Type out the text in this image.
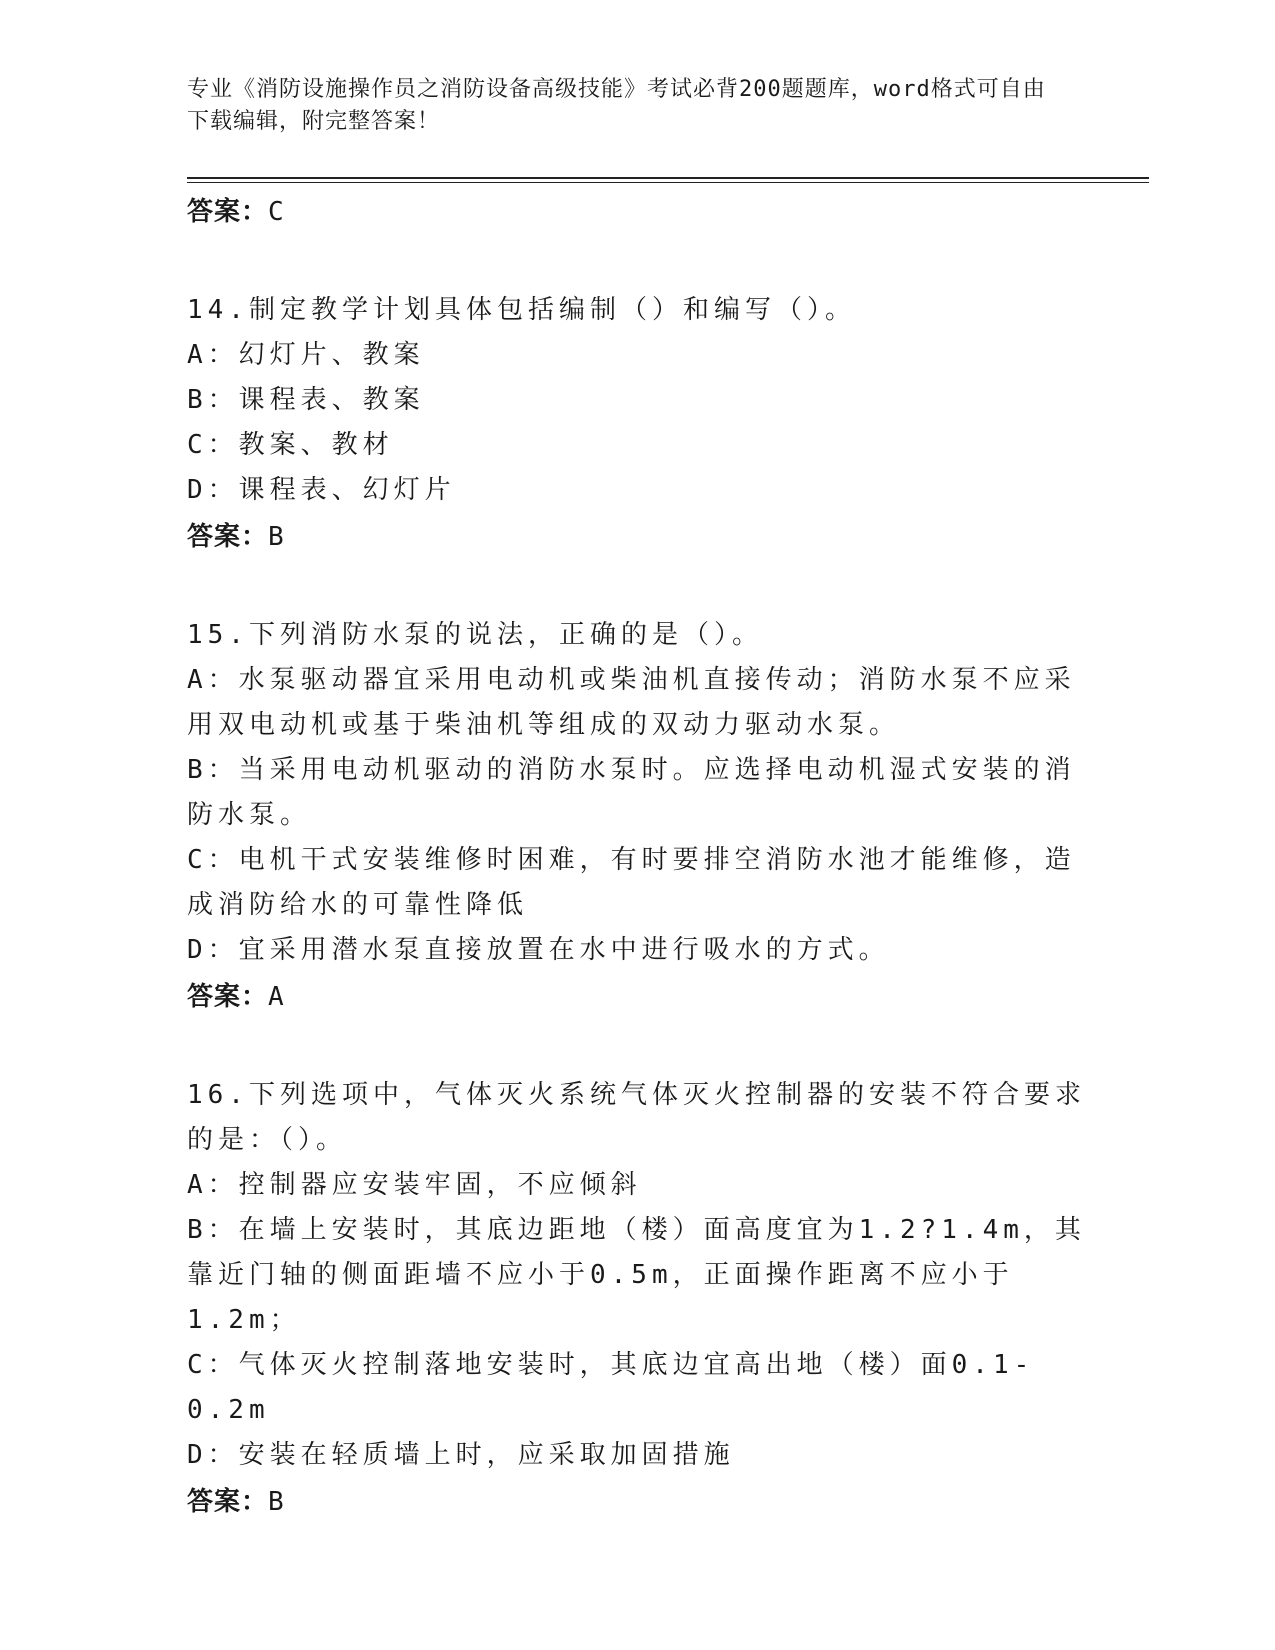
专业《消防设施操作员之消防设备高级技能》考试必背200题题库，word格式可自由下载编辑，附完整答案！
答案：C
14.制定教学计划具体包括编制（）和编写（）。
A：幻灯片、教案
B：课程表、教案
C：教案、教材
D：课程表、幻灯片
答案：B
15.下列消防水泵的说法，正确的是（）。
A：水泵驱动器宜采用电动机或柴油机直接传动；消防水泵不应采用双电动机或基于柴油机等组成的双动力驱动水泵。
B：当采用电动机驱动的消防水泵时。应选择电动机湿式安装的消防水泵。
C：电机干式安装维修时困难，有时要排空消防水池才能维修，造成消防给水的可靠性降低
D：宜采用潜水泵直接放置在水中进行吸水的方式。
答案：A
16.下列选项中，气体灭火系统气体灭火控制器的安装不符合要求的是：（）。
A：控制器应安装牢固，不应倾斜
B：在墙上安装时，其底边距地（楼）面高度宜为1.2?1.4m，其靠近门轴的侧面距墙不应小于0.5m，正面操作距离不应小于1.2m；
C：气体灭火控制落地安装时，其底边宜高出地（楼）面0.1-0.2m
D：安装在轻质墙上时，应采取加固措施
答案：B
